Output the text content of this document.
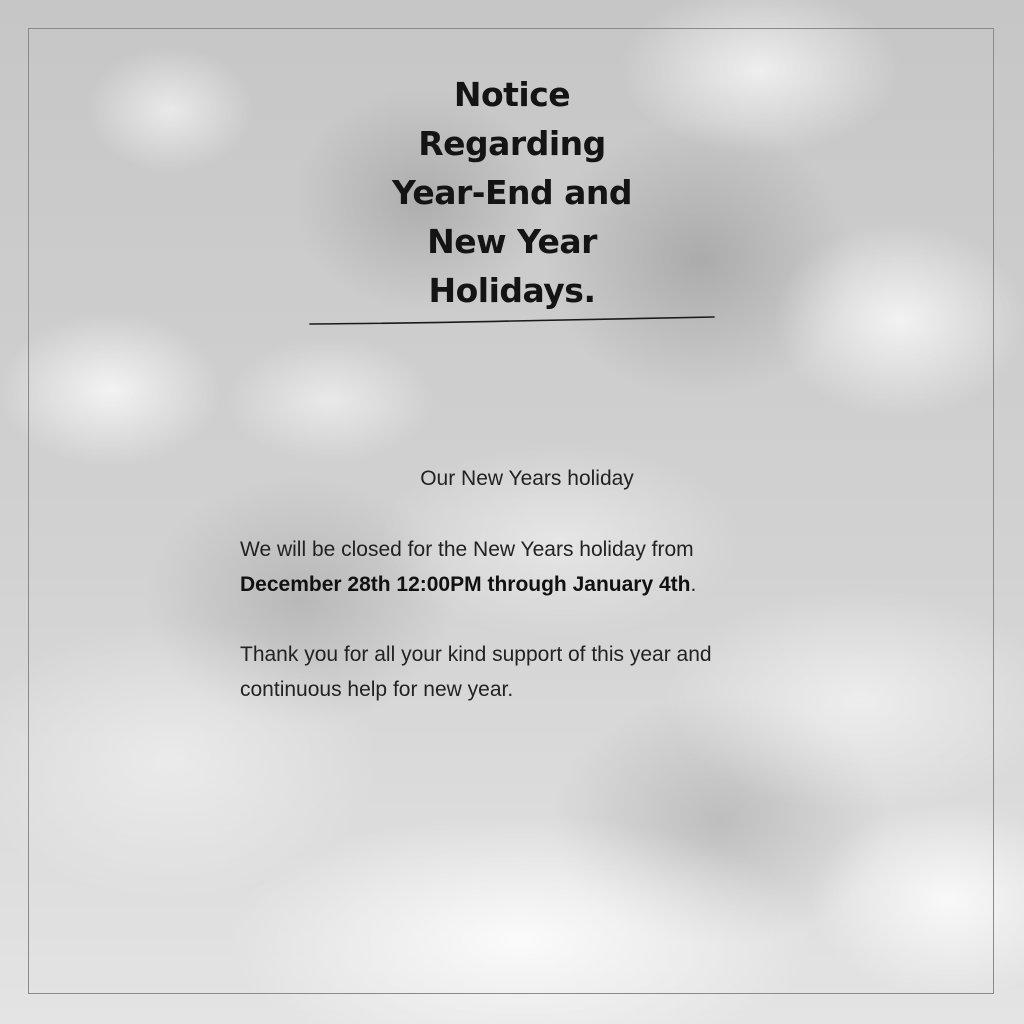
Notice
Regarding
Year-End and
New Year
Holidays.
Our New Years holiday

We will be closed for the New Years holiday from
December 28th 12:00PM through January 4th.

Thank you for all your kind support of this year and
continuous help for new year.
